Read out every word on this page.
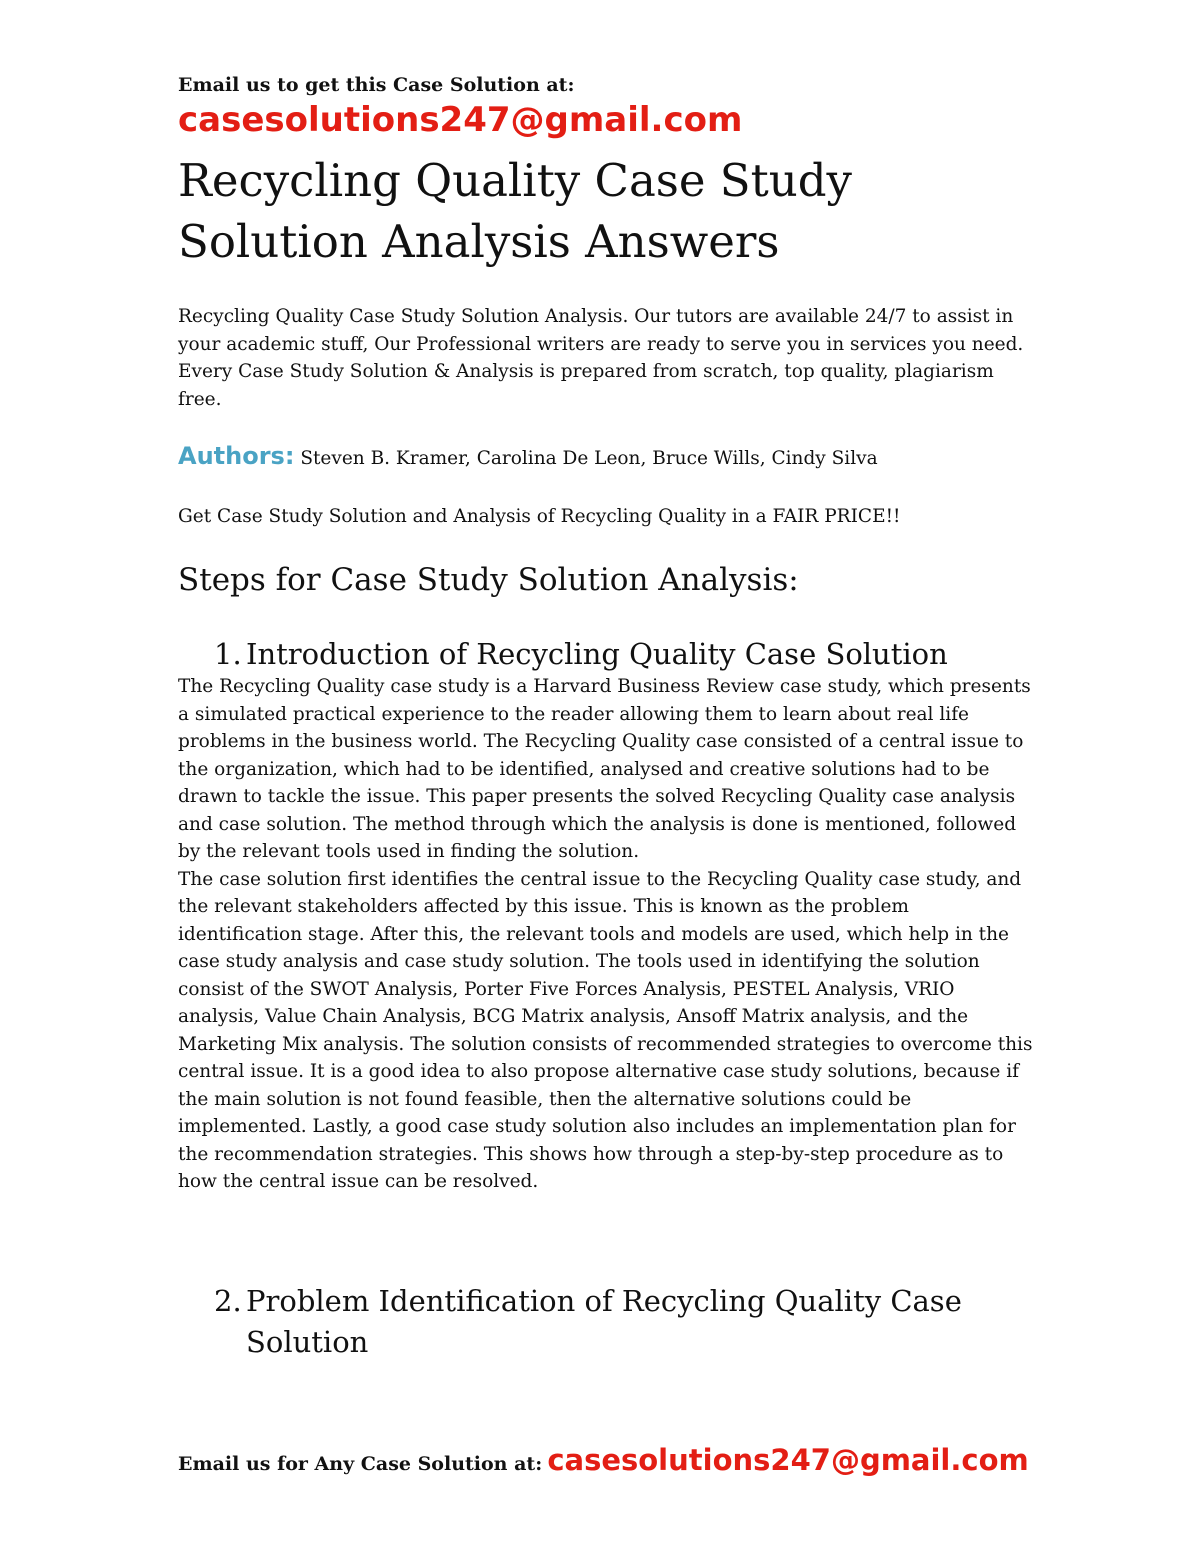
Email us to get this Case Solution at:
casesolutions247@gmail.com
Recycling Quality Case Study Solution Analysis Answers

Recycling Quality Case Study Solution Analysis. Our tutors are available 24/7 to assist in your academic stuff, Our Professional writers are ready to serve you in services you need. Every Case Study Solution & Analysis is prepared from scratch, top quality, plagiarism free.

Authors: Steven B. Kramer, Carolina De Leon, Bruce Wills, Cindy Silva
Get Case Study Solution and Analysis of Recycling Quality in a FAIR PRICE!!
Steps for Case Study Solution Analysis:
1. Introduction of Recycling Quality Case Solution

The Recycling Quality case study is a Harvard Business Review case study, which presents a simulated practical experience to the reader allowing them to learn about real life problems in the business world. The Recycling Quality case consisted of a central issue to the organization, which had to be identified, analysed and creative solutions had to be drawn to tackle the issue. This paper presents the solved Recycling Quality case analysis and case solution. The method through which the analysis is done is mentioned, followed by the relevant tools used in finding the solution.

The case solution first identifies the central issue to the Recycling Quality case study, and the relevant stakeholders affected by this issue. This is known as the problem identification stage. After this, the relevant tools and models are used, which help in the case study analysis and case study solution. The tools used in identifying the solution consist of the SWOT Analysis, Porter Five Forces Analysis, PESTEL Analysis, VRIO analysis, Value Chain Analysis, BCG Matrix analysis, Ansoff Matrix analysis, and the Marketing Mix analysis. The solution consists of recommended strategies to overcome this central issue. It is a good idea to also propose alternative case study solutions, because if the main solution is not found feasible, then the alternative solutions could be implemented. Lastly, a good case study solution also includes an implementation plan for the recommendation strategies. This shows how through a step-by-step procedure as to how the central issue can be resolved.

2. Problem Identification of Recycling Quality Case Solution
Email us for Any Case Solution at: casesolutions247@gmail.com
